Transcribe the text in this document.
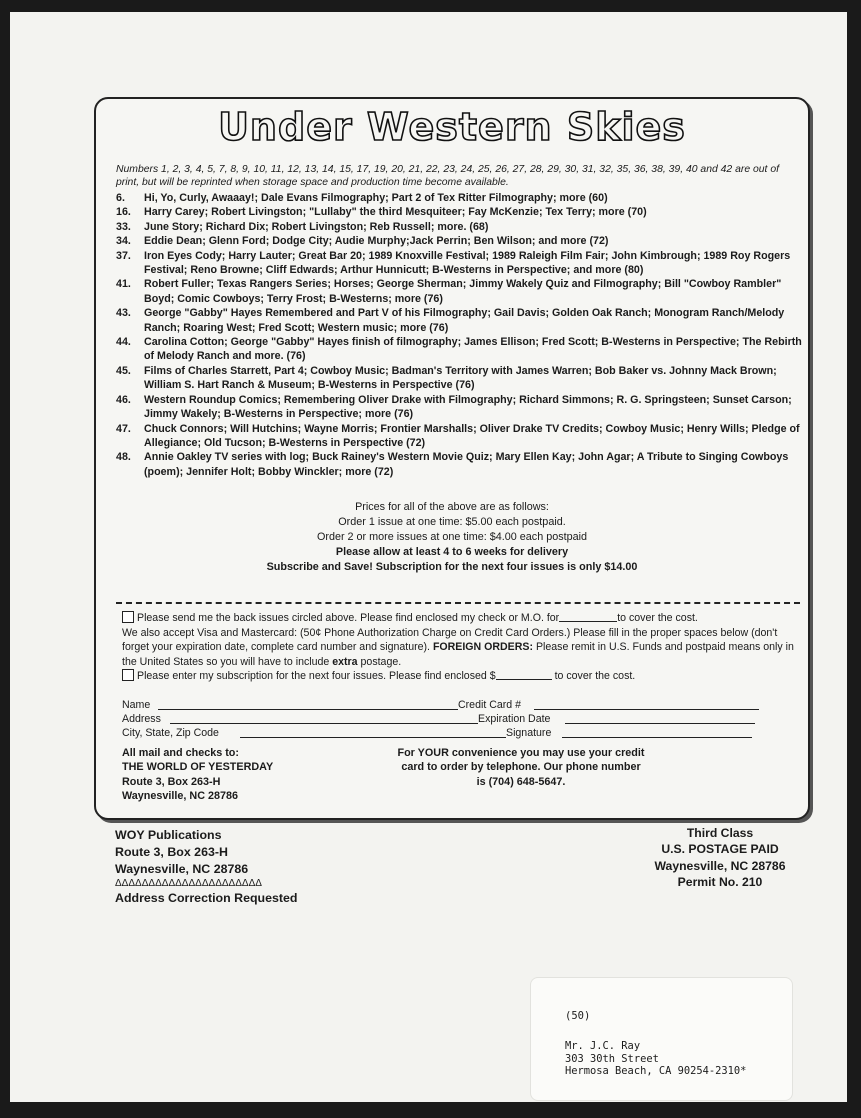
Under Western Skies

Numbers 1, 2, 3, 4, 5, 7, 8, 9, 10, 11, 12, 13, 14, 15, 17, 19, 20, 21, 22, 23, 24, 25, 26, 27, 28, 29, 30, 31, 32, 35, 36, 38, 39, 40 and 42 are out of print, but will be reprinted when storage space and production time become available.

6.	Hi, Yo, Curly, Awaaay!; Dale Evans Filmography; Part 2 of Tex Ritter Filmography; more (60)
16.	Harry Carey; Robert Livingston; "Lullaby" the third Mesquiteer; Fay McKenzie; Tex Terry; more (70)
33.	June Story; Richard Dix; Robert Livingston; Reb Russell; more. (68)
34.	Eddie Dean; Glenn Ford; Dodge City; Audie Murphy;Jack Perrin; Ben Wilson; and more (72)
37.	Iron Eyes Cody; Harry Lauter; Great Bar 20; 1989 Knoxville Festival; 1989 Raleigh Film Fair; John Kimbrough; 1989 Roy Rogers Festival; Reno Browne; Cliff Edwards; Arthur Hunnicutt; B-Westerns in Perspective; and more (80)
41.	Robert Fuller; Texas Rangers Series; Horses; George Sherman; Jimmy Wakely Quiz and Filmography; Bill "Cowboy Rambler" Boyd; Comic Cowboys; Terry Frost; B-Westerns; more (76)
43.	George "Gabby" Hayes Remembered and Part V of his Filmography; Gail Davis; Golden Oak Ranch; Monogram Ranch/Melody Ranch; Roaring West; Fred Scott; Western music; more (76)
44.	Carolina Cotton; George "Gabby" Hayes finish of filmography; James Ellison; Fred Scott; B-Westerns in Perspective; The Rebirth of Melody Ranch and more. (76)
45.	Films of Charles Starrett, Part 4; Cowboy Music; Badman's Territory with James Warren; Bob Baker vs. Johnny Mack Brown; William S. Hart Ranch & Museum; B-Westerns in Perspective (76)
46.	Western Roundup Comics; Remembering Oliver Drake with Filmography; Richard Simmons; R. G. Springsteen; Sunset Carson; Jimmy Wakely; B-Westerns in Perspective; more (76)
47.	Chuck Connors; Will Hutchins; Wayne Morris; Frontier Marshalls; Oliver Drake TV Credits; Cowboy Music; Henry Wills; Pledge of Allegiance; Old Tucson; B-Westerns in Perspective (72)
48.	Annie Oakley TV series with log; Buck Rainey's Western Movie Quiz; Mary Ellen Kay; John Agar; A Tribute to Singing Cowboys (poem); Jennifer Holt; Bobby Winckler; more (72)
Prices for all of the above are as follows:
Order 1 issue at one time: $5.00 each postpaid.
Order 2 or more issues at one time: $4.00 each postpaid
Please allow at least 4 to 6 weeks for delivery
Subscribe and Save! Subscription for the next four issues is only $14.00
Please send me the back issues circled above. Please find enclosed my check or M.O. for	to cover the cost.
We also accept Visa and Mastercard: (50¢ Phone Authorization Charge on Credit Card Orders.) Please fill in the proper spaces below (don't forget your expiration date, complete card number and signature). FOREIGN ORDERS: Please remit in U.S. Funds and postpaid means only in the United States so you will have to include extra postage.
Please enter my subscription for the next four issues. Please find enclosed $	to cover the cost.
Name	Credit Card #
Address	Expiration Date
City, State, Zip Code	Signature
All mail and checks to:
THE WORLD OF YESTERDAY
Route 3, Box 263-H
Waynesville, NC 28786
For YOUR convenience you may use your credit card to order by telephone. Our phone number is (704) 648-5647.
WOY Publications
Route 3, Box 263-H
Waynesville, NC 28786
ΔΔΔΔΔΔΔΔΔΔΔΔΔΔΔΔΔΔΔΔΔΔ
Address Correction Requested
Third Class
U.S. POSTAGE PAID
Waynesville, NC 28786
Permit No. 210
(50)
Mr. J.C. Ray
303 30th Street
Hermosa Beach, CA 90254-2310*
